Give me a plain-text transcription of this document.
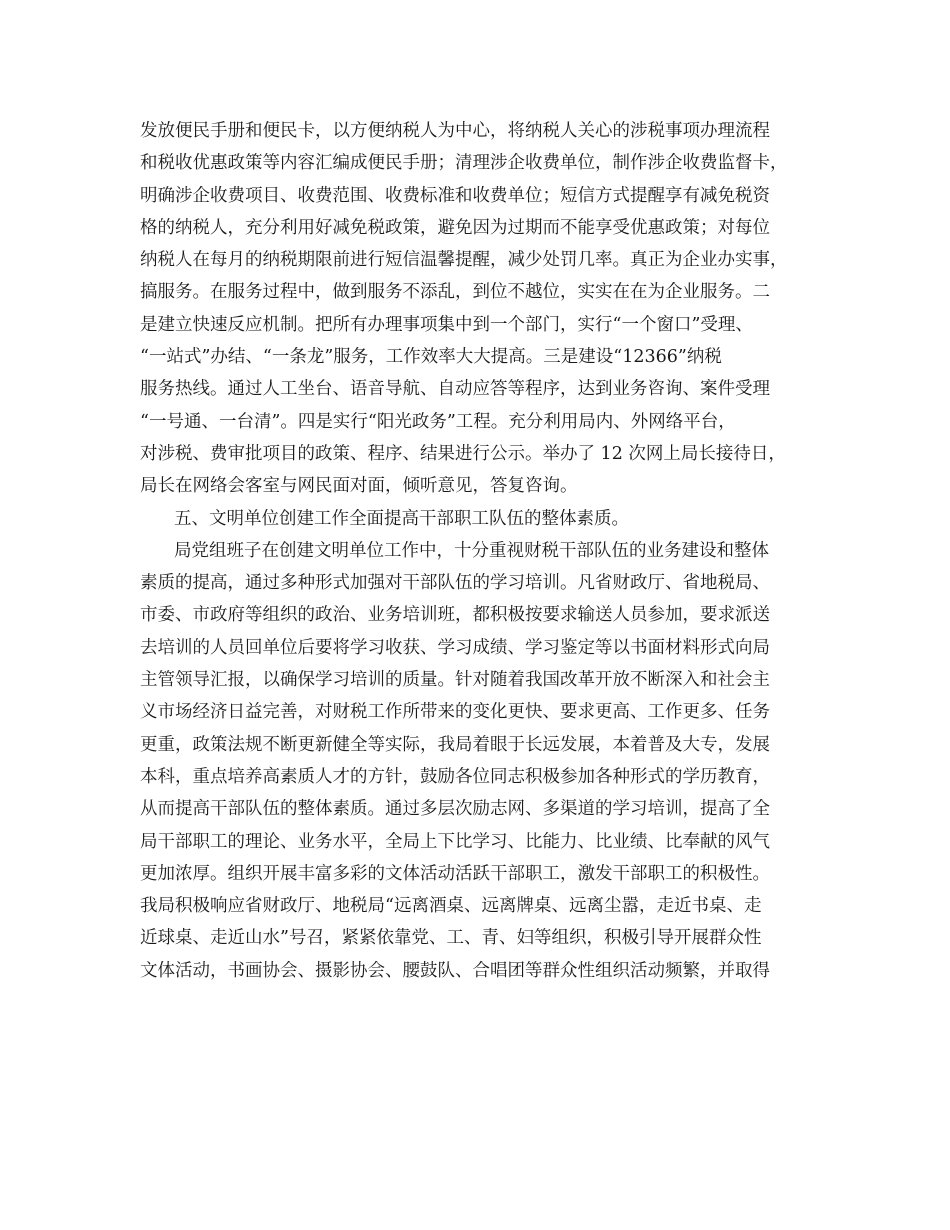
发放便民手册和便民卡，以方便纳税人为中心，将纳税人关心的涉税事项办理流程
和税收优惠政策等内容汇编成便民手册；清理涉企收费单位，制作涉企收费监督卡，
明确涉企收费项目、收费范围、收费标准和收费单位；短信方式提醒享有减免税资
格的纳税人，充分利用好减免税政策，避免因为过期而不能享受优惠政策；对每位
纳税人在每月的纳税期限前进行短信温馨提醒，减少处罚几率。真正为企业办实事，
搞服务。在服务过程中，做到服务不添乱，到位不越位，实实在在为企业服务。二
是建立快速反应机制。把所有办理事项集中到一个部门，实行“一个窗口”受理、
“一站式”办结、“一条龙”服务，工作效率大大提高。三是建设“12366”纳税
服务热线。通过人工坐台、语音导航、自动应答等程序，达到业务咨询、案件受理
“一号通、一台清”。四是实行“阳光政务”工程。充分利用局内、外网络平台，
对涉税、费审批项目的政策、程序、结果进行公示。举办了 12 次网上局长接待日，
局长在网络会客室与网民面对面，倾听意见，答复咨询。
五、文明单位创建工作全面提高干部职工队伍的整体素质。
局党组班子在创建文明单位工作中，十分重视财税干部队伍的业务建设和整体
素质的提高，通过多种形式加强对干部队伍的学习培训。凡省财政厅、省地税局、
市委、市政府等组织的政治、业务培训班，都积极按要求输送人员参加，要求派送
去培训的人员回单位后要将学习收获、学习成绩、学习鉴定等以书面材料形式向局
主管领导汇报，以确保学习培训的质量。针对随着我国改革开放不断深入和社会主
义市场经济日益完善，对财税工作所带来的变化更快、要求更高、工作更多、任务
更重，政策法规不断更新健全等实际，我局着眼于长远发展，本着普及大专，发展
本科，重点培养高素质人才的方针，鼓励各位同志积极参加各种形式的学历教育，
从而提高干部队伍的整体素质。通过多层次励志网、多渠道的学习培训，提高了全
局干部职工的理论、业务水平，全局上下比学习、比能力、比业绩、比奉献的风气
更加浓厚。组织开展丰富多彩的文体活动活跃干部职工，激发干部职工的积极性。
我局积极响应省财政厅、地税局“远离酒桌、远离牌桌、远离尘嚣，走近书桌、走
近球桌、走近山水”号召，紧紧依靠党、工、青、妇等组织，积极引导开展群众性
文体活动，书画协会、摄影协会、腰鼓队、合唱团等群众性组织活动频繁，并取得
